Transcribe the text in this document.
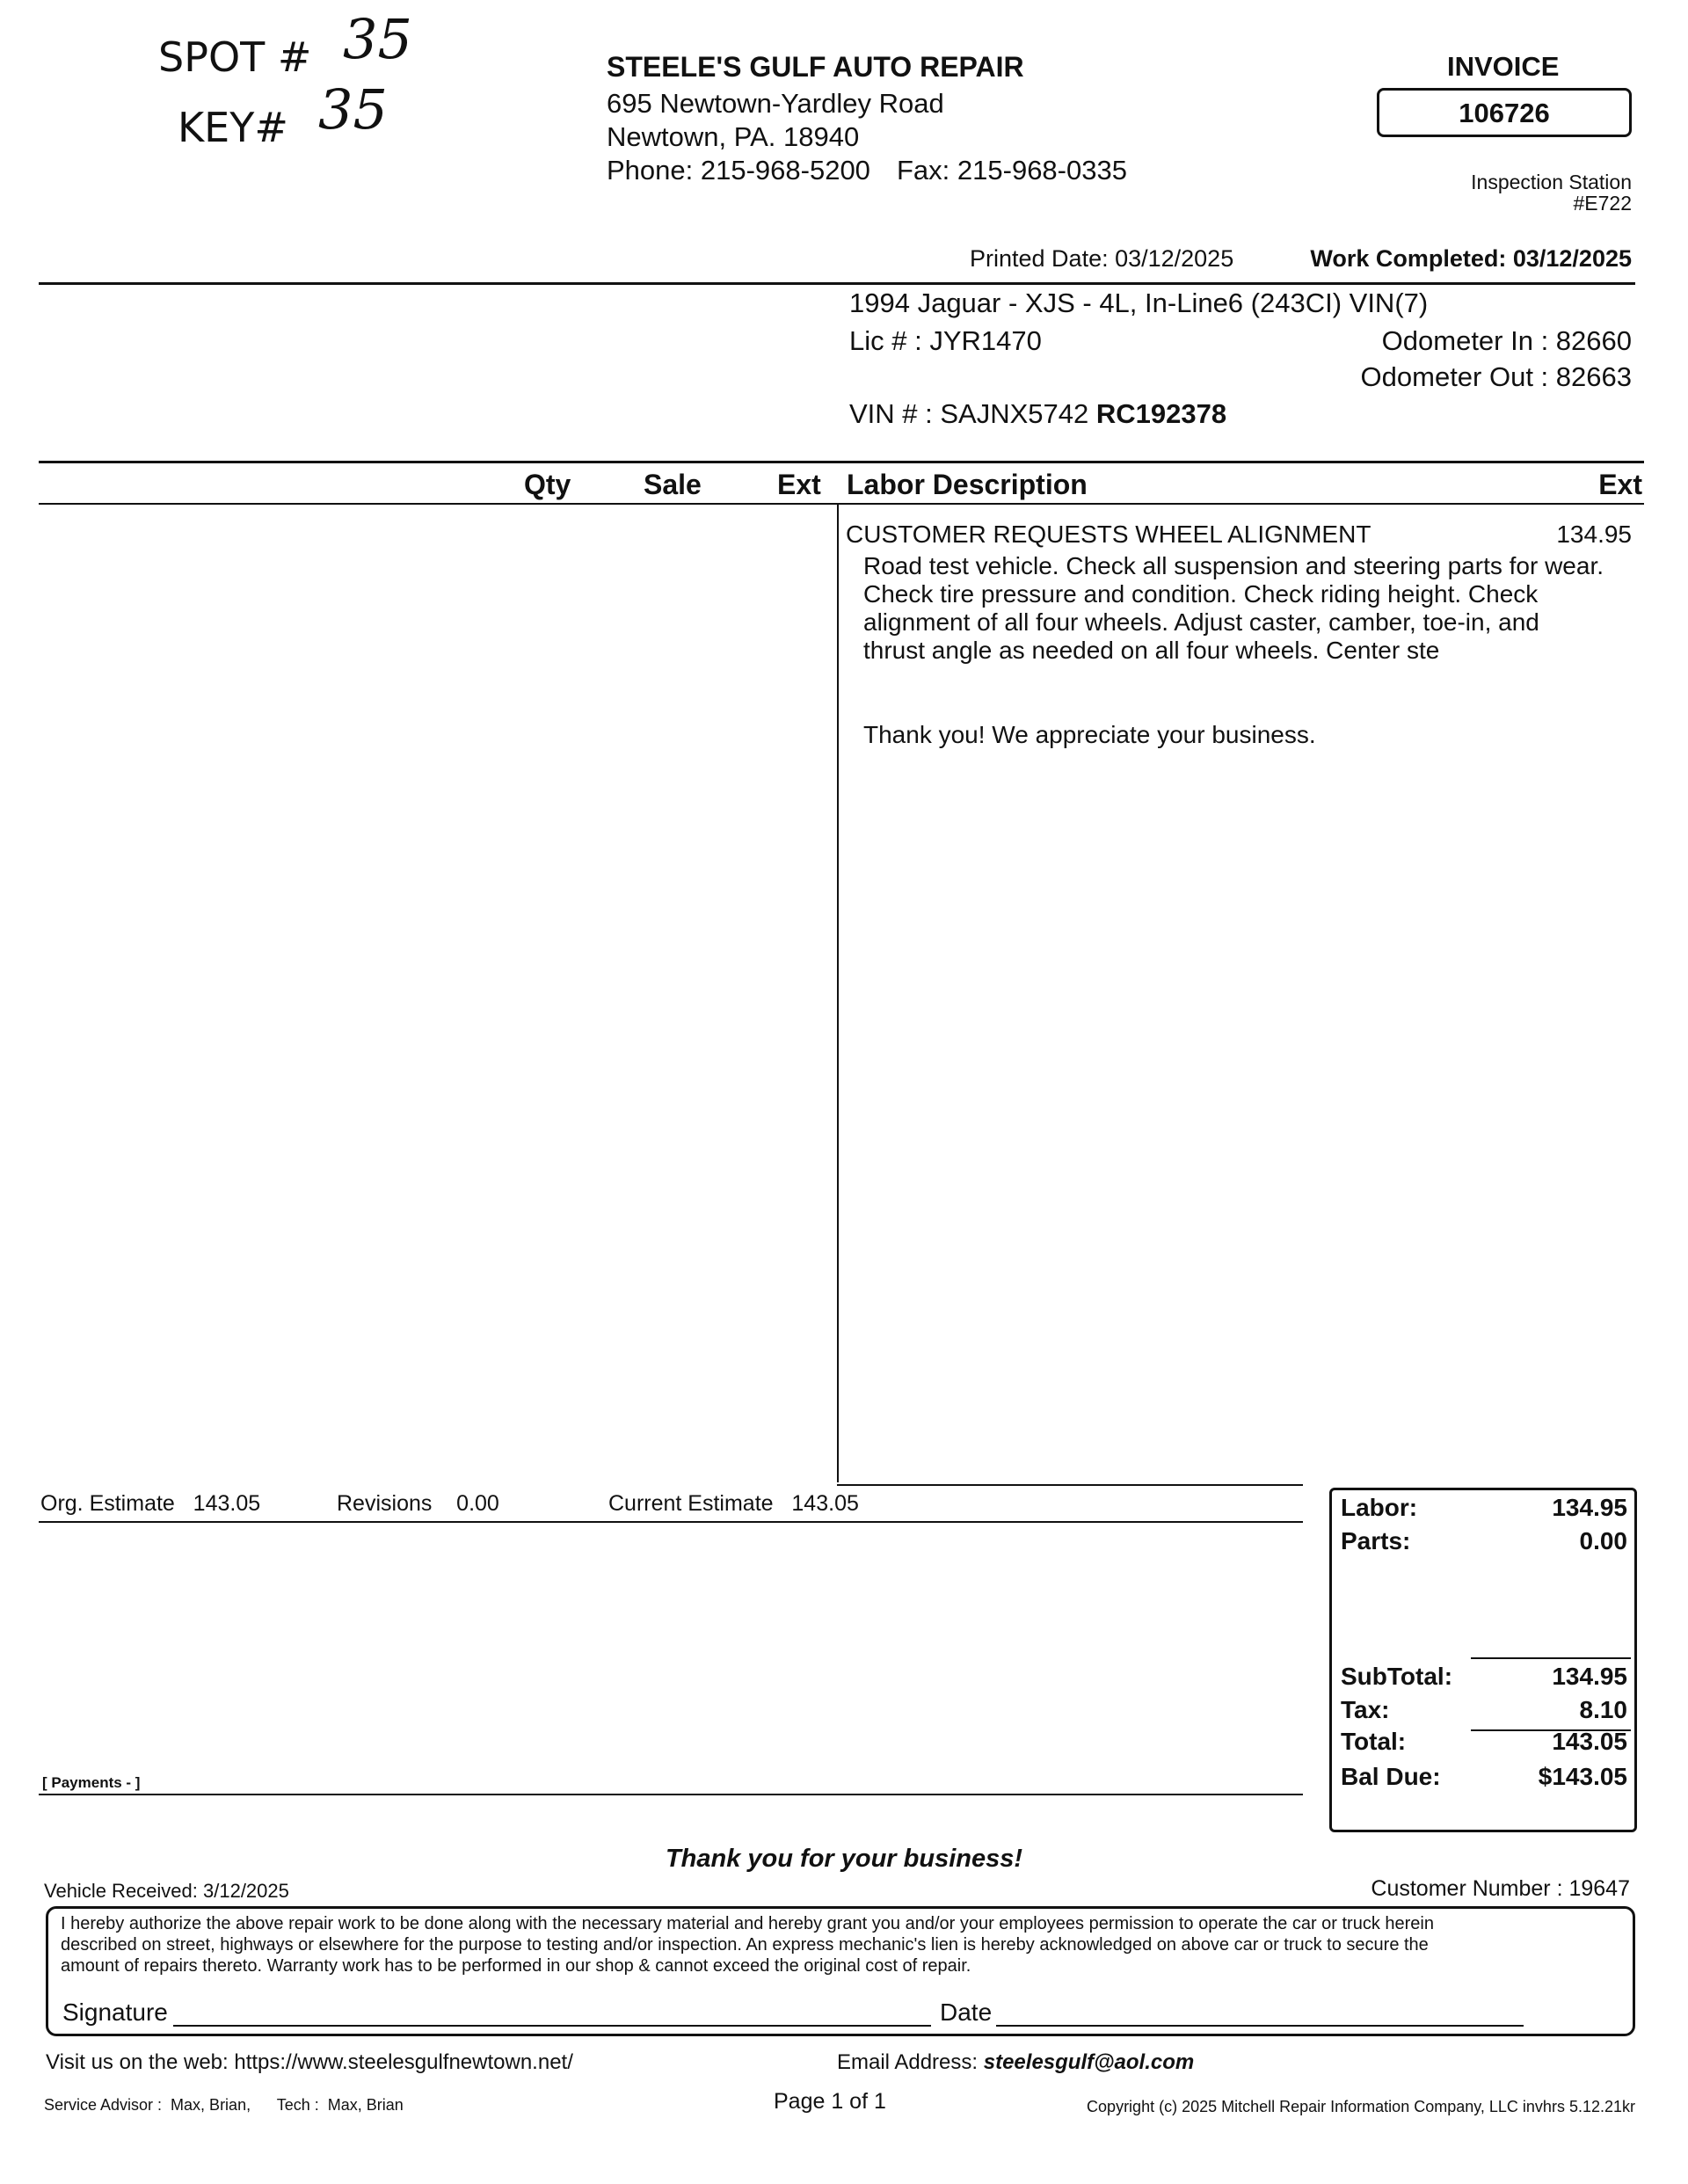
SPOT # 35
KEY# 35
STEELE'S GULF AUTO REPAIR
695 Newtown-Yardley Road
Newtown, PA. 18940
Phone: 215-968-5200 Fax: 215-968-0335
INVOICE
106726
Inspection Station
#E722
Printed Date: 03/12/2025	Work Completed: 03/12/2025
1994 Jaguar - XJS - 4L, In-Line6 (243CI) VIN(7)
Lic # : JYR1470	Odometer In : 82660
Odometer Out : 82663
VIN # : SAJNX5742 RC192378
Qty	Sale	Ext Labor Description	Ext
CUSTOMER REQUESTS WHEEL ALIGNMENT	134.95
Road test vehicle. Check all suspension and steering parts for wear.
Check tire pressure and condition. Check riding height. Check
alignment of all four wheels. Adjust caster, camber, toe-in, and
thrust angle as needed on all four wheels. Center ste
Thank you! We appreciate your business.
Org. Estimate 143.05	Revisions 0.00	Current Estimate 143.05
[ Payments - ]
Labor:	134.95
Parts:	0.00
SubTotal:	134.95
Tax:	8.10
Total:	143.05
Bal Due:	$143.05
Thank you for your business!
Vehicle Received: 3/12/2025	Customer Number : 19647
I hereby authorize the above repair work to be done along with the necessary material and hereby grant you and/or your employees permission to operate the car or truck herein
described on street, highways or elsewhere for the purpose to testing and/or inspection. An express mechanic's lien is hereby acknowledged on above car or truck to secure the
amount of repairs thereto. Warranty work has to be performed in our shop & cannot exceed the original cost of repair.
Signature	Date
Visit us on the web: https://www.steelesgulfnewtown.net/	Email Address: steelesgulf@aol.com
Service Advisor :  Max, Brian,      Tech :  Max, Brian	Page 1 of 1	Copyright (c) 2025 Mitchell Repair Information Company, LLC invhrs 5.12.21kr
